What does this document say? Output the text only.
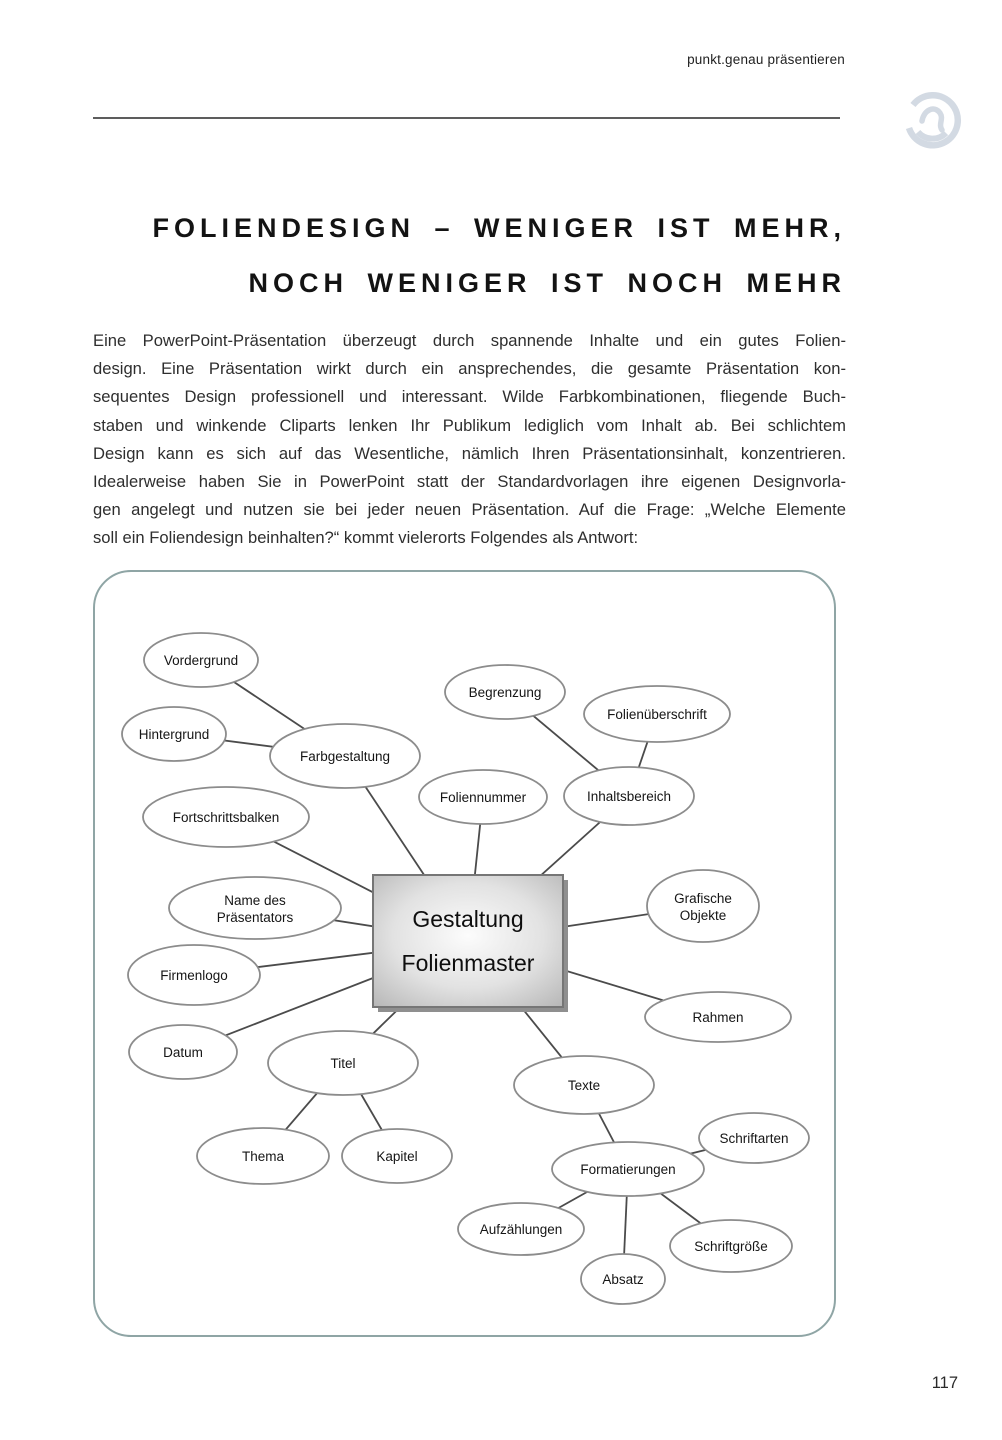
punkt.genau präsentieren
FOLIENDESIGN – WENIGER IST MEHR,
NOCH WENIGER IST NOCH MEHR
Eine PowerPoint-Präsentation überzeugt durch spannende Inhalte und ein gutes Folien-
design. Eine Präsentation wirkt durch ein ansprechendes, die gesamte Präsentation kon-
sequentes Design professionell und interessant. Wilde Farbkombinationen, fliegende Buch-
staben und winkende Cliparts lenken Ihr Publikum lediglich vom Inhalt ab. Bei schlichtem
Design kann es sich auf das Wesentliche, nämlich Ihren Präsentationsinhalt, konzentrieren.
Idealerweise haben Sie in PowerPoint statt der Standardvorlagen ihre eigenen Designvorla-
gen angelegt und nutzen sie bei jeder neuen Präsentation. Auf die Frage: „Welche Elemente
soll ein Foliendesign beinhalten?“ kommt vielerorts Folgendes als Antwort:
Vordergrund
Hintergrund
Farbgestaltung
Begrenzung
Folienüberschrift
Foliennummer	Inhaltsbereich
Fortschrittsbalken
Name des Präsentators
Grafische Objekte
Firmenlogo
Rahmen
Datum
Titel
Texte
Schriftarten
Thema	Kapitel
Formatierungen
Aufzählungen
Schriftgröße
Absatz
Gestaltung
Folienmaster
117
